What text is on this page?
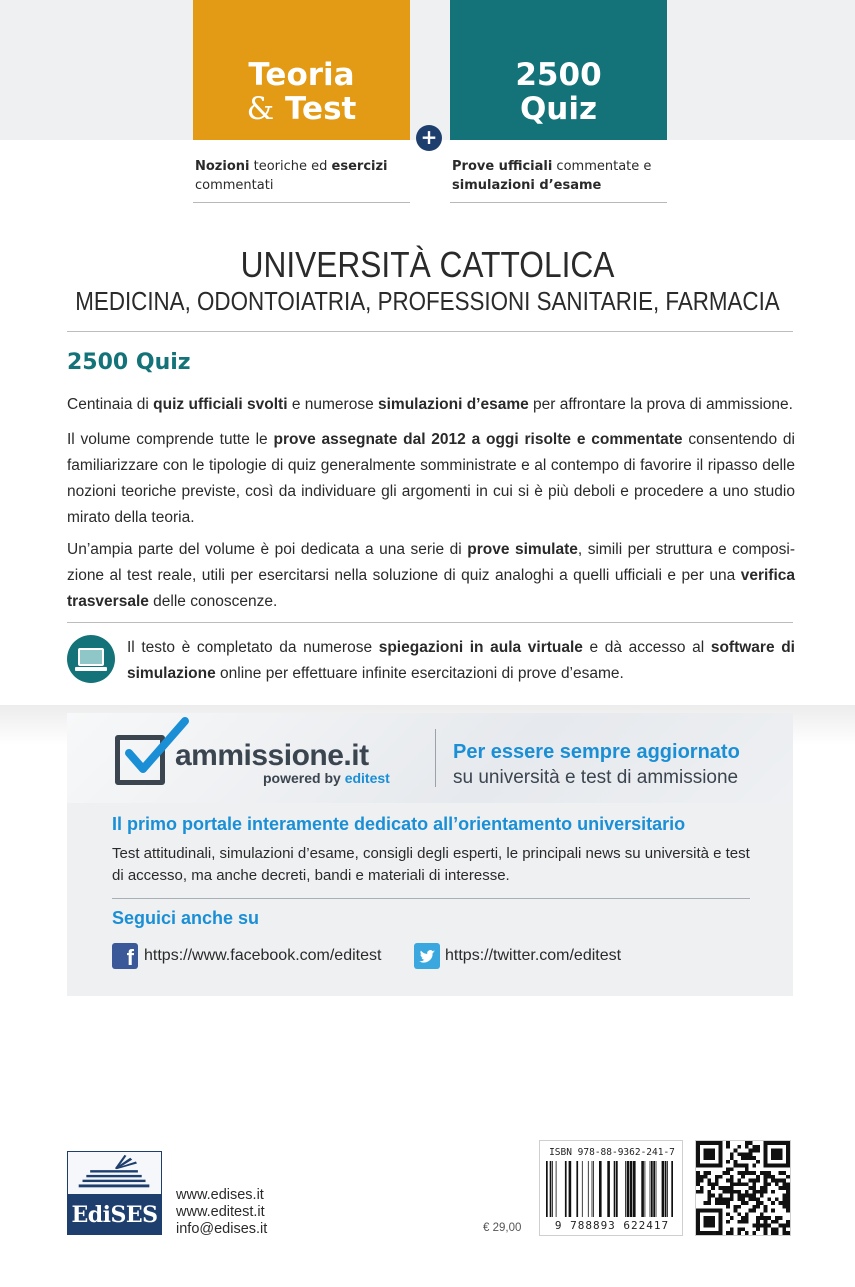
Teoria
& Test
2500
Quiz
+
Nozioni teoriche ed esercizi
commentati
Prove ufficiali commentate e
simulazioni d’esame
UNIVERSITÀ CATTOLICA
MEDICINA, ODONTOIATRIA, PROFESSIONI SANITARIE, FARMACIA
2500 Quiz
Centinaia di quiz ufficiali svolti e numerose simulazioni d’esame per affrontare la prova di ammissione.
Il volume comprende tutte le prove assegnate dal 2012 a oggi risolte e commentate consentendo di familiarizzare con le tipologie di quiz generalmente somministrate e al contempo di favorire il ripasso delle nozioni teoriche previste, così da individuare gli argomenti in cui si è più deboli e procedere a uno studio mirato della teoria.
Un’ampia parte del volume è poi dedicata a una serie di prove simulate, simili per struttura e composizione al test reale, utili per esercitarsi nella soluzione di quiz analoghi a quelli ufficiali e per una verifica trasversale delle conoscenze.
Il testo è completato da numerose spiegazioni in aula virtuale e dà accesso al software di simulazione online per effettuare infinite esercitazioni di prove d’esame.
ammissione.it
powered by editest
Per essere sempre aggiornato
su università e test di ammissione
Il primo portale interamente dedicato all’orientamento universitario
Test attitudinali, simulazioni d’esame, consigli degli esperti, le principali news su università e test di accesso, ma anche decreti, bandi e materiali di interesse.
Seguici anche su
f https://www.facebook.com/editest	https://twitter.com/editest
EdiSES
www.edises.it
www.editest.it
info@edises.it	€ 29,00
ISBN 978-88-9362-241-7
9 788893 622417
